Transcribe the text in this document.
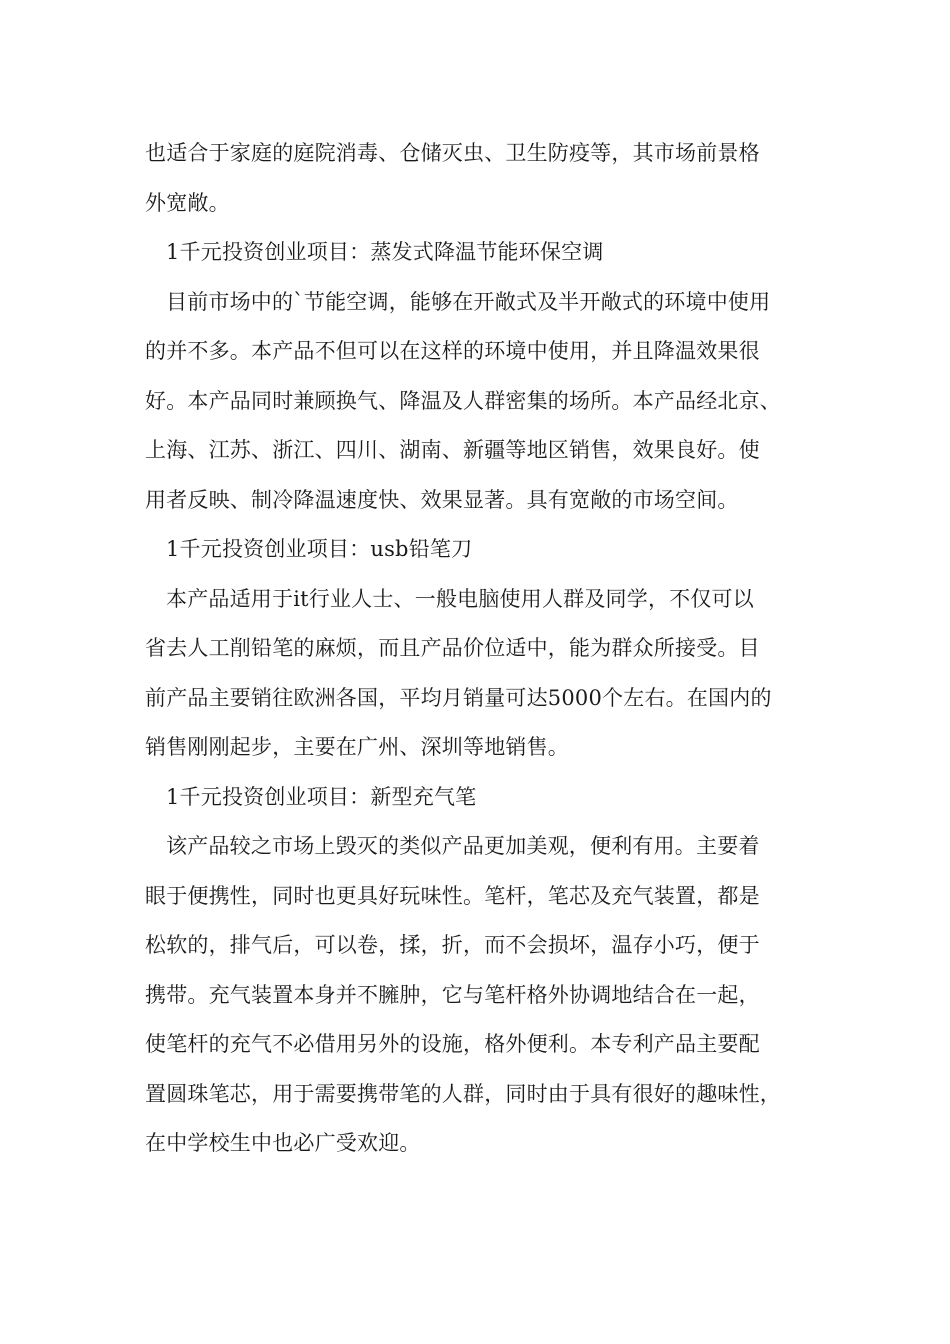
也适合于家庭的庭院消毒、仓储灭虫、卫生防疫等，其市场前景格
外宽敞。
1千元投资创业项目：蒸发式降温节能环保空调
目前市场中的`节能空调，能够在开敞式及半开敞式的环境中使用
的并不多。本产品不但可以在这样的环境中使用，并且降温效果很
好。本产品同时兼顾换气、降温及人群密集的场所。本产品经北京、
上海、江苏、浙江、四川、湖南、新疆等地区销售，效果良好。使
用者反映、制冷降温速度快、效果显著。具有宽敞的市场空间。
1千元投资创业项目：usb铅笔刀
本产品适用于it行业人士、一般电脑使用人群及同学，不仅可以
省去人工削铅笔的麻烦，而且产品价位适中，能为群众所接受。目
前产品主要销往欧洲各国，平均月销量可达5000个左右。在国内的
销售刚刚起步，主要在广州、深圳等地销售。
1千元投资创业项目：新型充气笔
该产品较之市场上毁灭的类似产品更加美观，便利有用。主要着
眼于便携性，同时也更具好玩味性。笔杆，笔芯及充气装置，都是
松软的，排气后，可以卷，揉，折，而不会损坏，温存小巧，便于
携带。充气装置本身并不臃肿，它与笔杆格外协调地结合在一起，
使笔杆的充气不必借用另外的设施，格外便利。本专利产品主要配
置圆珠笔芯，用于需要携带笔的人群，同时由于具有很好的趣味性，
在中学校生中也必广受欢迎。
